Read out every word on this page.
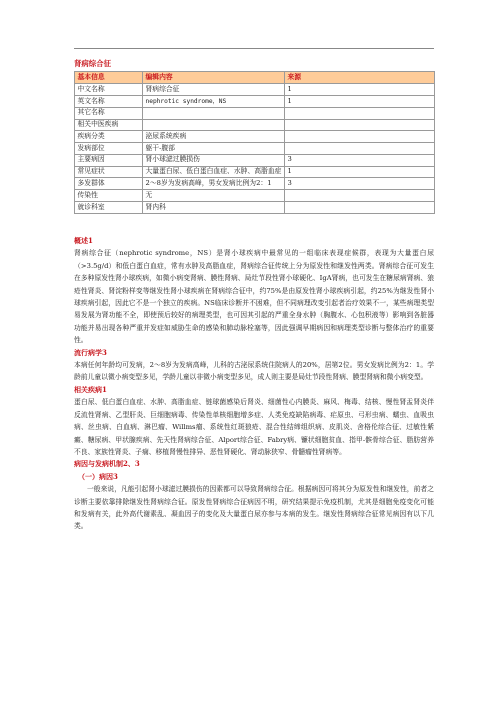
肾病综合征
基本信息	编辑内容	来源
中文名称	肾病综合征	1
英文名称	nephrotic syndrome，NS	1
其它名称		
相关中医疾病		
疾病分类	泌尿系统疾病	
发病部位	躯干-腹部	
主要病因	肾小球滤过膜损伤	3
常见症状	大量蛋白尿、低白蛋白血症、水肿、高脂血症	1
多发群体	2～8岁为发病高峰，男女发病比例为2：1	3
传染性	无	
就诊科室	肾内科	
概述1

肾病综合征（nephrotic syndrome，NS）是肾小球疾病中最常见的一组临床表现症候群，表现为大量蛋白尿（>3.5g/d）和低白蛋白血症，常有水肿及高脂血症，肾病综合征传统上分为原发性和继发性两类。肾病综合征可发生在多种原发性肾小球疾病，如微小病变肾病、膜性肾病、局灶节段性肾小球硬化、IgA肾病，也可发生在糖尿病肾病、狼疮性肾炎、肾淀粉样变等继发性肾小球疾病在肾病综合征中，约75%是由原发性肾小球疾病引起，约25%为继发性肾小球疾病引起，因此它不是一个独立的疾病。NS临床诊断并不困难，但不同病理改变引起者治疗效果不一，某些病理类型易发展为肾功能不全，即使预后较好的病理类型，也可因其引起的严重全身水肿（胸腹水、心包积液等）影响到各脏器功能并易出现各种严重并发症如威胁生命的感染和肺动脉栓塞等，因此强调早期病因和病理类型诊断与整体治疗的重要性。

流行病学3

本病任何年龄均可发病，2～8岁为发病高峰，儿科的古泌尿系统住院病人的20%，居第2位。男女发病比例为2：1。学龄前儿童以微小病变型多见，学龄儿童以非微小病变型多见，成人则主要是局灶节段性肾病、膜型肾病和微小病变型。

相关疾病1

蛋白尿、低白蛋白血症、水肿、高脂血症、链球菌感染后肾炎、细菌性心内膜炎、麻风、梅毒、结核、慢性肾盂肾炎伴反流性肾病、乙型肝炎、巨细胞病毒、传染性单核细胞增多症、人类免疫缺陷病毒、疟原虫、弓形虫病、蠕虫、血吸虫病、丝虫病、白血病、淋巴瘤、Willms瘤、系统性红斑狼疮、混合性结缔组织病、皮肌炎、舍格伦综合征、过敏性紫癜、糖尿病、甲状腺疾病、先天性肾病综合征、Alport综合征、Fabry病、镰状细胞贫血、指甲-髌骨综合征、脂肪营养不良、家族性肾炎、子痫、移植肾慢性排异、恶性肾硬化、肾动脉狭窄、骨髓瘤性肾病等。

病因与发病机制2、3
（一）病因3

一般来说，凡能引起肾小球滤过膜损伤的因素都可以导致肾病综合征。根据病因可将其分为原发性和继发性，前者之诊断主要依靠排除继发性肾病综合征。原发性肾病综合征病因不明，研究结果提示免疫机制，尤其是细胞免疫变化可能和发病有关，此外高代谢素乱、凝血因子的变化及大量蛋白尿亦参与本病的发生。继发性肾病综合征常见病因有以下几类。
